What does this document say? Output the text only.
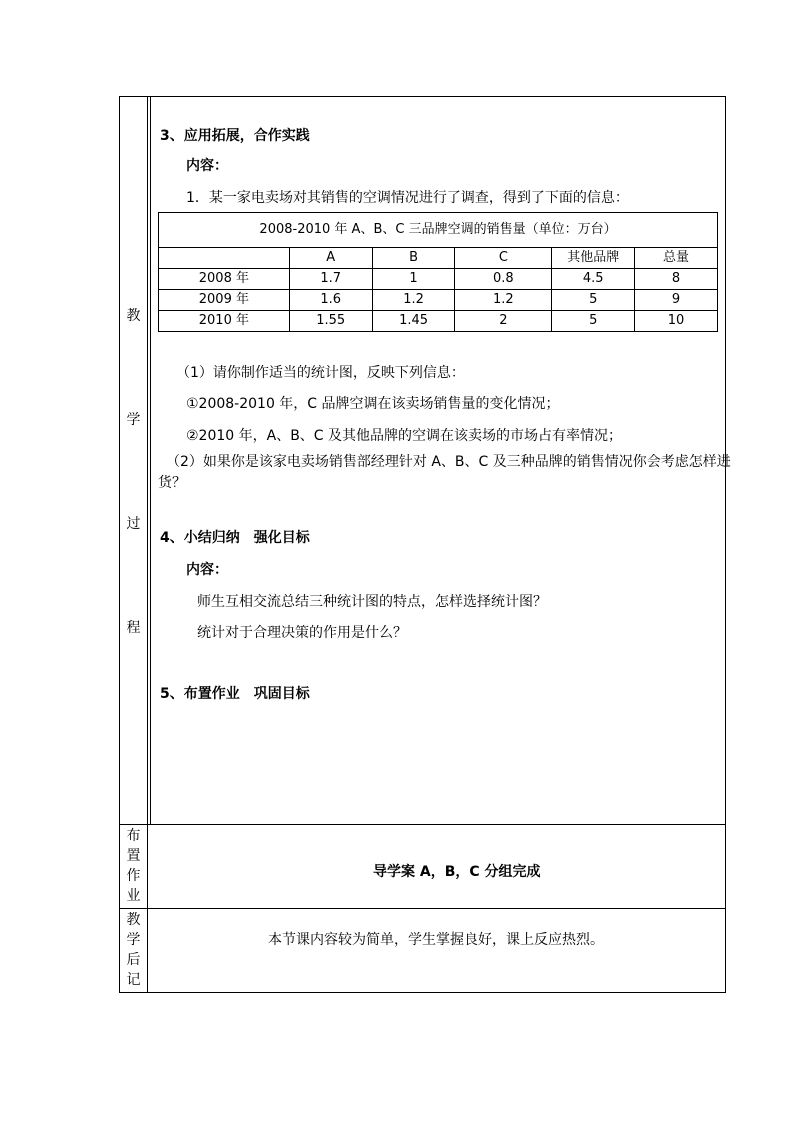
教
学
过
程
布
置
作
业
教
学
后
记
3、应用拓展，合作实践
内容：
1．某一家电卖场对其销售的空调情况进行了调查，得到了下面的信息：
2008-2010 年 A、B、C 三品牌空调的销售量（单位：万台）					
	A	B	C	其他品牌	总量
2008 年	1.7	1	0.8	4.5	8
2009 年	1.6	1.2	1.2	5	9
2010 年	1.55	1.45	2	5	10
（1）请你制作适当的统计图，反映下列信息：
①2008-2010 年，C 品牌空调在该卖场销售量的变化情况；
②2010 年，A、B、C 及其他品牌的空调在该卖场的市场占有率情况；
（2）如果你是该家电卖场销售部经理针对 A、B、C 及三种品牌的销售情况你会考虑怎样进
货？
4、小结归纳　强化目标
内容：
师生互相交流总结三种统计图的特点，怎样选择统计图？
统计对于合理决策的作用是什么？
5、布置作业　巩固目标
导学案 A，B，C 分组完成
本节课内容较为简单，学生掌握良好，课上反应热烈。
